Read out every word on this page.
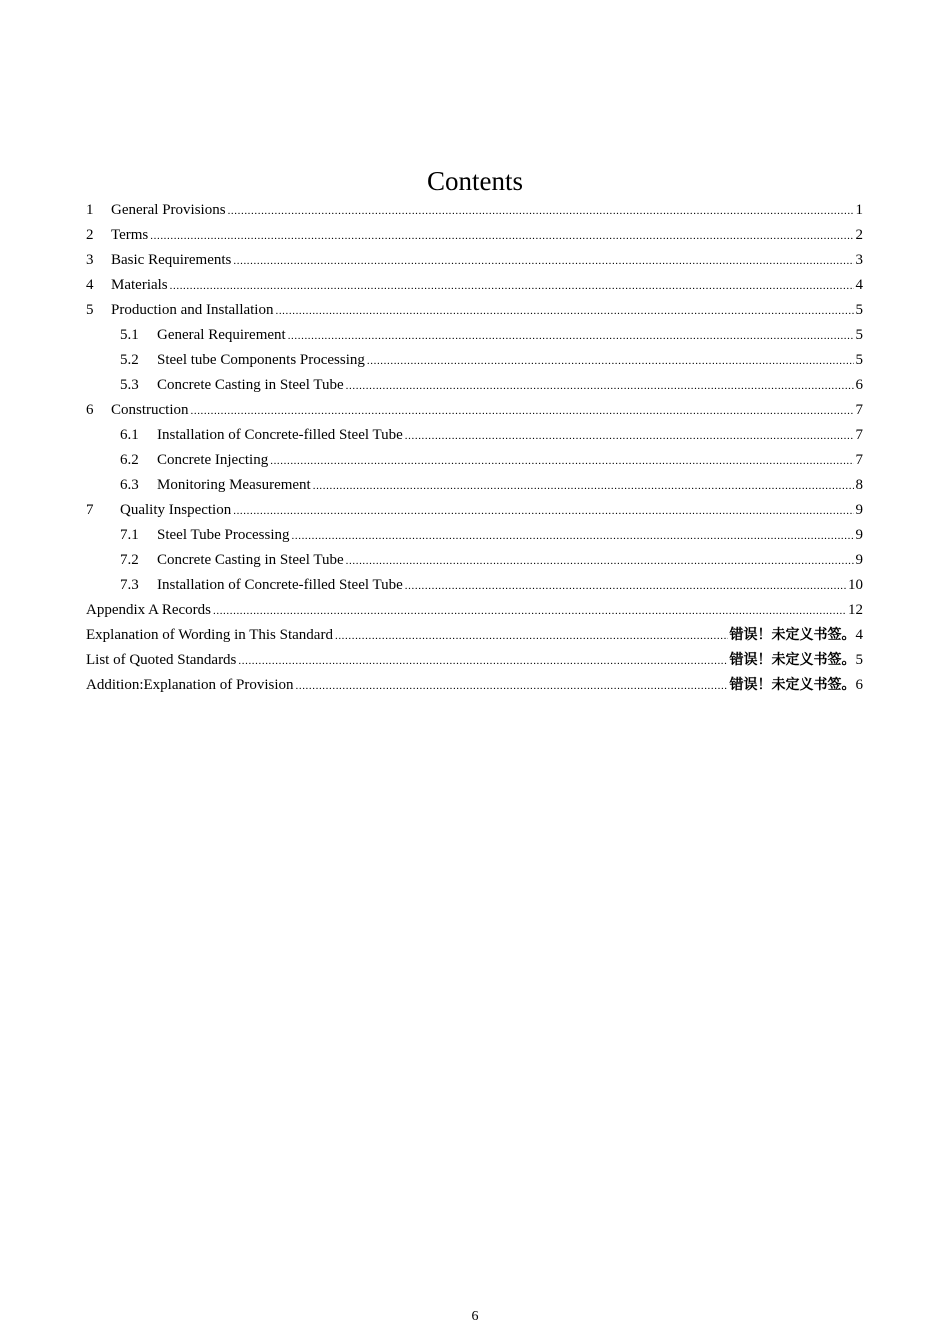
Contents
1	General Provisions .....	1
2	Terms .....	2
3	Basic Requirements .....	3
4	Materials .....	4
5	Production and Installation .....	5
5.1	General Requirement .....	5
5.2	Steel tube Components Processing .....	5
5.3	Concrete Casting in Steel Tube .....	6
6	Construction .....	7
6.1	Installation of Concrete-filled Steel Tube .....	7
6.2	Concrete Injecting .....	7
6.3	Monitoring Measurement .....	8
7	Quality Inspection .....	9
7.1	Steel Tube Processing .....	9
7.2	Concrete Casting in Steel Tube .....	9
7.3	Installation of Concrete-filled Steel Tube .....	10
Appendix A Records .....	12
Explanation of Wording in This Standard .....	错误！未定义书签。 4
List of Quoted Standards .....	错误！未定义书签。 5
Addition:Explanation of Provision .....	错误！未定义书签。 6
6
